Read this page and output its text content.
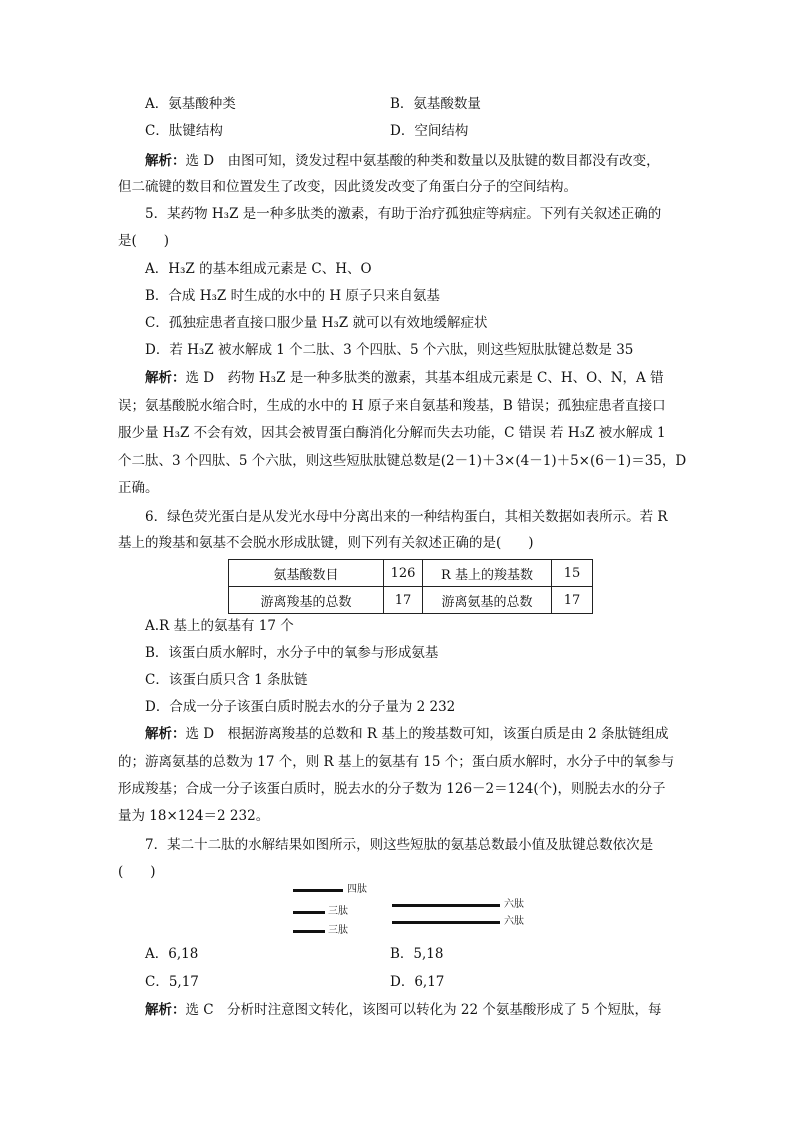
A．氨基酸种类	B．氨基酸数量
C．肽键结构	D．空间结构
解析：选 D　由图可知，烫发过程中氨基酸的种类和数量以及肽键的数目都没有改变，
但二硫键的数目和位置发生了改变，因此烫发改变了角蛋白分子的空间结构。
5．某药物 H₃Z 是一种多肽类的激素，有助于治疗孤独症等病症。下列有关叙述正确的
是(　　)
A．H₃Z 的基本组成元素是 C、H、O
B．合成 H₃Z 时生成的水中的 H 原子只来自氨基
C．孤独症患者直接口服少量 H₃Z 就可以有效地缓解症状
D．若 H₃Z 被水解成 1 个二肽、3 个四肽、5 个六肽，则这些短肽肽键总数是 35
解析：选 D　药物 H₃Z 是一种多肽类的激素，其基本组成元素是 C、H、O、N，A 错
误；氨基酸脱水缩合时，生成的水中的 H 原子来自氨基和羧基，B 错误；孤独症患者直接口
服少量 H₃Z 不会有效，因其会被胃蛋白酶消化分解而失去功能，C 错误 若 H₃Z 被水解成 1
个二肽、3 个四肽、5 个六肽，则这些短肽肽键总数是(2－1)＋3×(4－1)＋5×(6－1)＝35，D
正确。
6．绿色荧光蛋白是从发光水母中分离出来的一种结构蛋白，其相关数据如表所示。若 R
基上的羧基和氨基不会脱水形成肽键，则下列有关叙述正确的是(　　)
氨基酸数目	126	R 基上的羧基数	15
游离羧基的总数	17	游离氨基的总数	17
A.R 基上的氨基有 17 个
B．该蛋白质水解时，水分子中的氧参与形成氨基
C．该蛋白质只含 1 条肽链
D．合成一分子该蛋白质时脱去水的分子量为 2 232
解析：选 D　根据游离羧基的总数和 R 基上的羧基数可知，该蛋白质是由 2 条肽链组成
的；游离氨基的总数为 17 个，则 R 基上的氨基有 15 个；蛋白质水解时，水分子中的氧参与
形成羧基；合成一分子该蛋白质时，脱去水的分子数为 126－2＝124(个)，则脱去水的分子
量为 18×124＝2 232。
7．某二十二肽的水解结果如图所示，则这些短肽的氨基总数最小值及肽键总数依次是
(　　)
四肽
三肽
三肽
六肽
六肽
A．6,18	B．5,18
C．5,17	D．6,17
解析：选 C　分析时注意图文转化，该图可以转化为 22 个氨基酸形成了 5 个短肽，每
